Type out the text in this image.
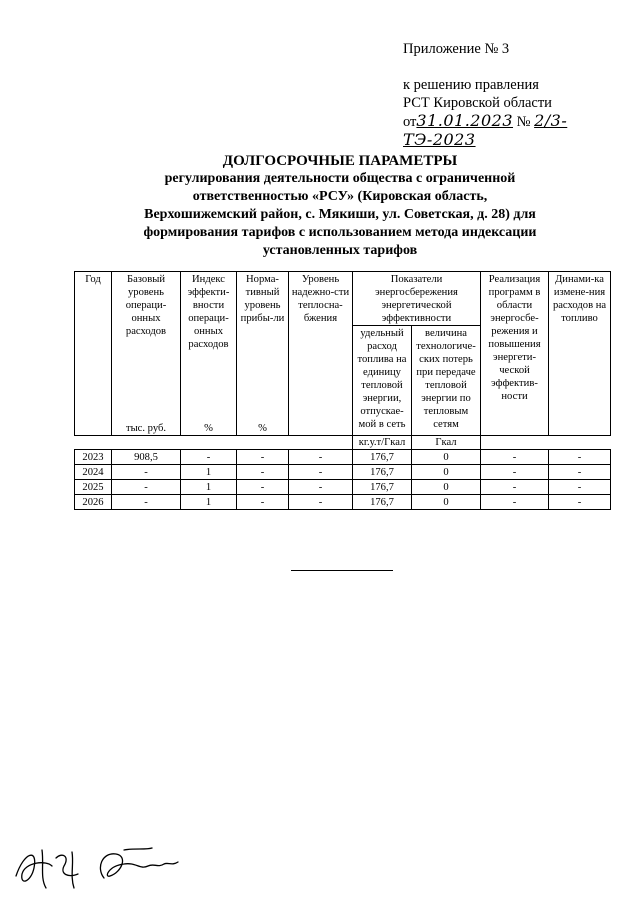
Приложение № 3
к решению правления
РСТ Кировской области
от31.01.2023 № 2/3-ТЭ-2023
ДОЛГОСРОЧНЫЕ ПАРАМЕТРЫ
регулирования деятельности общества с ограниченной
ответственностью «РСУ» (Кировская область,
Верхошижемский район, с. Мякиши, ул. Советская, д. 28) для
формирования тарифов с использованием метода индексации
установленных тарифов
Год	Базовый уровень операци-онных расходов	Индекс эффекти-вности операци-онных расходов	Норма-тивный уровень прибы-ли	Уровень надежно-сти теплосна-бжения	Показатели энергосбережения энергетической эффективности		Реализация программ в области энергосбе-режения и повышения энергети-ческой эффектив-ности	Динами-ка измене-ния расходов на топливо
					удельный расход топлива на единицу тепловой энергии, отпускае-мой в сеть	величина технологиче-ских потерь при передаче тепловой энергии по тепловым сетям		
	тыс. руб.	%	%					
					кг.у.т/Гкал	Гкал		
2023	908,5	-	-	-	176,7	0	-	-
2024	-	1	-	-	176,7	0	-	-
2025	-	1	-	-	176,7	0	-	-
2026	-	1	-	-	176,7	0	-	-
